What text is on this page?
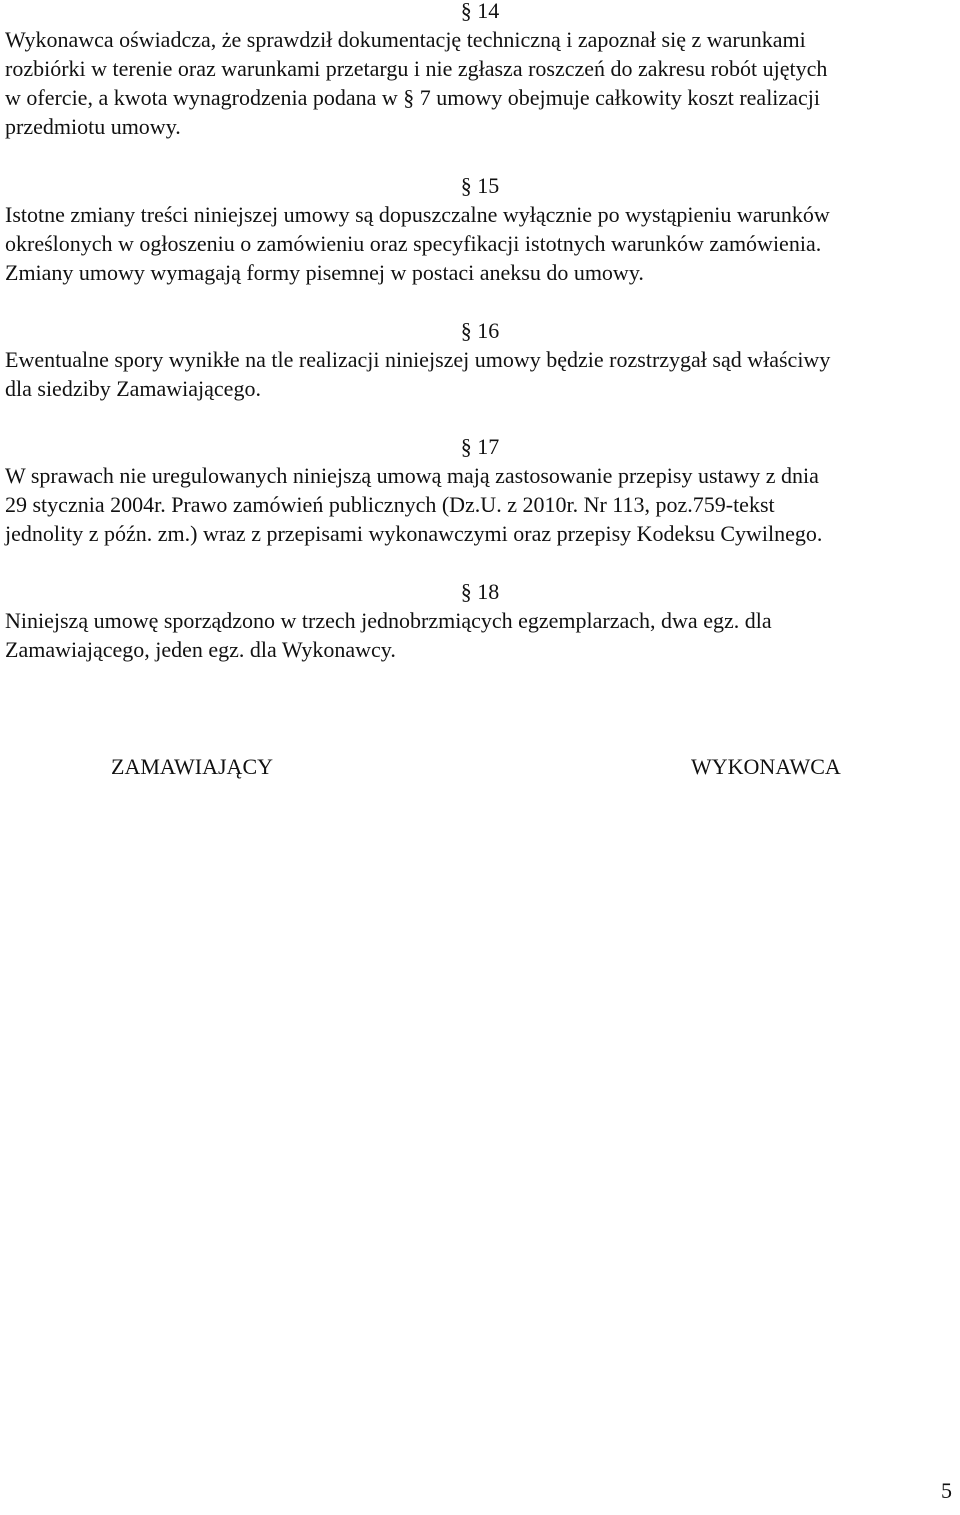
§ 14

Wykonawca oświadcza, że sprawdził dokumentację techniczną i zapoznał się z warunkami

rozbiórki w terenie oraz warunkami przetargu i nie zgłasza roszczeń do zakresu robót ujętych

w ofercie, a kwota wynagrodzenia podana w § 7 umowy obejmuje całkowity koszt realizacji

przedmiotu umowy.

§ 15

Istotne zmiany treści niniejszej umowy są dopuszczalne wyłącznie po wystąpieniu warunków

określonych w ogłoszeniu o zamówieniu oraz specyfikacji istotnych warunków zamówienia.

Zmiany umowy wymagają formy pisemnej w postaci aneksu do umowy.

§ 16

Ewentualne spory wynikłe na tle realizacji niniejszej umowy będzie rozstrzygał sąd właściwy

dla siedziby Zamawiającego.

§ 17

W sprawach nie uregulowanych niniejszą umową mają zastosowanie przepisy ustawy z dnia

29 stycznia 2004r. Prawo zamówień publicznych (Dz.U. z 2010r. Nr 113, poz.759-tekst

jednolity z późn. zm.) wraz z przepisami wykonawczymi oraz przepisy Kodeksu Cywilnego.

§ 18

Niniejszą umowę sporządzono w trzech jednobrzmiących egzemplarzach, dwa egz. dla

Zamawiającego, jeden egz. dla Wykonawcy.

ZAMAWIAJĄCY	WYKONAWCA
5
